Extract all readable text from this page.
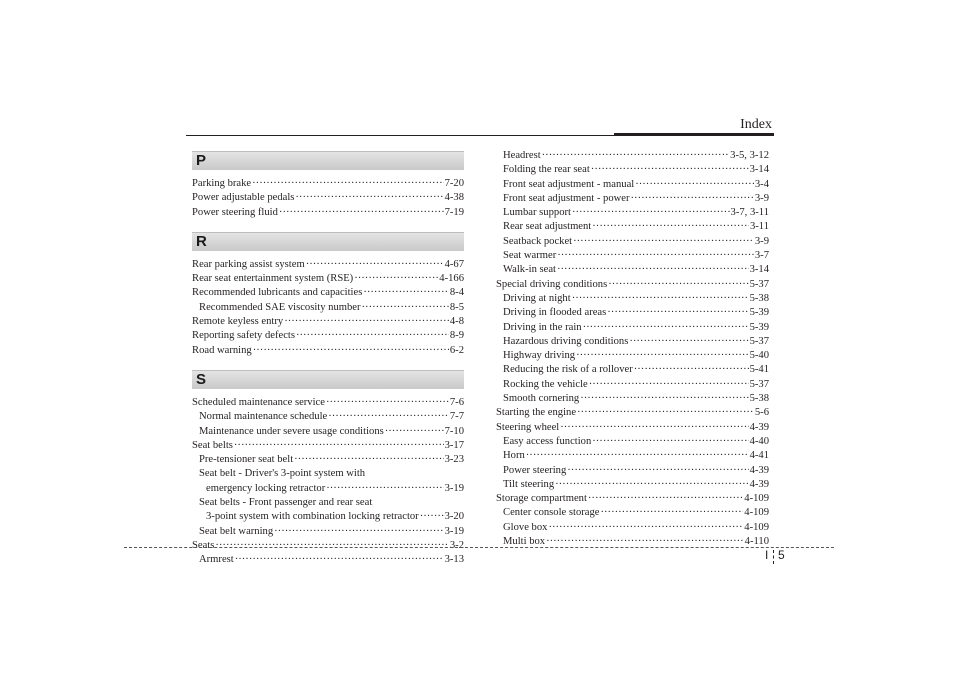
Index
P
Parking brake ·····	7-20
Power adjustable pedals ·····	4-38
Power steering fluid ·····	7-19
R
Rear parking assist system ·····	4-67
Rear seat entertainment system (RSE) ·····	4-166
Recommended lubricants and capacities ·····	8-4
Recommended SAE viscosity number ·····	8-5
Remote keyless entry ·····	4-8
Reporting safety defects ·····	8-9
Road warning ·····	6-2
S
Scheduled maintenance service ·····	7-6
Normal maintenance schedule ·····	7-7
Maintenance under severe usage conditions ·····	7-10
Seat belts ·····	3-17
Pre-tensioner seat belt ·····	3-23
Seat belt - Driver's 3-point system with
emergency locking retractor ·····	3-19
Seat belts - Front passenger and rear seat
3-point system with combination locking retractor ····· 3-20
Seat belt warning ·····	3-19
Seats ·····	3-2
Armrest ·····	3-13
Headrest ·····	3-5, 3-12
Folding the rear seat ·····	3-14
Front seat adjustment - manual ·····	3-4
Front seat adjustment - power ·····	3-9
Lumbar support ·····	3-7, 3-11
Rear seat adjustment ·····	3-11
Seatback pocket ·····	3-9
Seat warmer ·····	3-7
Walk-in seat ·····	3-14
Special driving conditions ·····	5-37
Driving at night ·····	5-38
Driving in flooded areas ·····	5-39
Driving in the rain ·····	5-39
Hazardous driving conditions ·····	5-37
Highway driving ·····	5-40
Reducing the risk of a rollover ·····	5-41
Rocking the vehicle ·····	5-37
Smooth cornering ·····	5-38
Starting the engine ·····	5-6
Steering wheel ·····	4-39
Easy access function ·····	4-40
Horn ·····	4-41
Power steering ·····	4-39
Tilt steering ·····	4-39
Storage compartment ·····	4-109
Center console storage ·····	4-109
Glove box ·····	4-109
Multi box ·····	4-110
I 5
